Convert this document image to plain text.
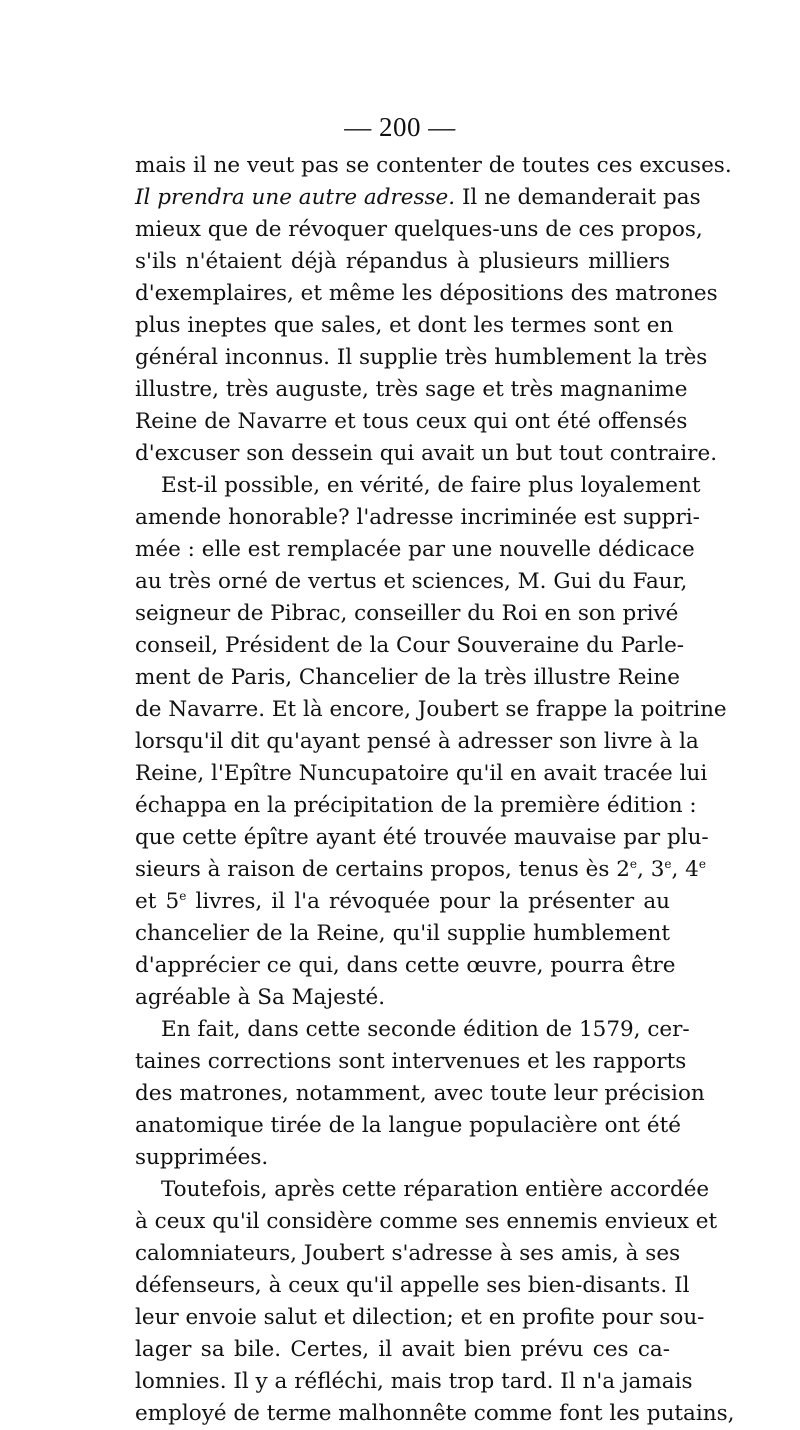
— 200 —
mais il ne veut pas se contenter de toutes ces excuses.
Il prendra une autre adresse. Il ne demanderait pas
mieux que de révoquer quelques-uns de ces propos,
s'ils n'étaient déjà répandus à plusieurs milliers
d'exemplaires, et même les dépositions des matrones
plus ineptes que sales, et dont les termes sont en
général inconnus. Il supplie très humblement la très
illustre, très auguste, très sage et très magnanime
Reine de Navarre et tous ceux qui ont été offensés
d'excuser son dessein qui avait un but tout contraire.
Est-il possible, en vérité, de faire plus loyalement
amende honorable? l'adresse incriminée est suppri-
mée : elle est remplacée par une nouvelle dédicace
au très orné de vertus et sciences, M. Gui du Faur,
seigneur de Pibrac, conseiller du Roi en son privé
conseil, Président de la Cour Souveraine du Parle-
ment de Paris, Chancelier de la très illustre Reine
de Navarre. Et là encore, Joubert se frappe la poitrine
lorsqu'il dit qu'ayant pensé à adresser son livre à la
Reine, l'Epître Nuncupatoire qu'il en avait tracée lui
échappa en la précipitation de la première édition :
que cette épître ayant été trouvée mauvaise par plu-
sieurs à raison de certains propos, tenus ès 2e, 3e, 4e
et 5e livres, il l'a révoquée pour la présenter au
chancelier de la Reine, qu'il supplie humblement
d'apprécier ce qui, dans cette œuvre, pourra être
agréable à Sa Majesté.
En fait, dans cette seconde édition de 1579, cer-
taines corrections sont intervenues et les rapports
des matrones, notamment, avec toute leur précision
anatomique tirée de la langue populacière ont été
supprimées.
Toutefois, après cette réparation entière accordée
à ceux qu'il considère comme ses ennemis envieux et
calomniateurs, Joubert s'adresse à ses amis, à ses
défenseurs, à ceux qu'il appelle ses bien-disants. Il
leur envoie salut et dilection; et en profite pour sou-
lager sa bile. Certes, il avait bien prévu ces ca-
lomnies. Il y a réfléchi, mais trop tard. Il n'a jamais
employé de terme malhonnête comme font les putains,
